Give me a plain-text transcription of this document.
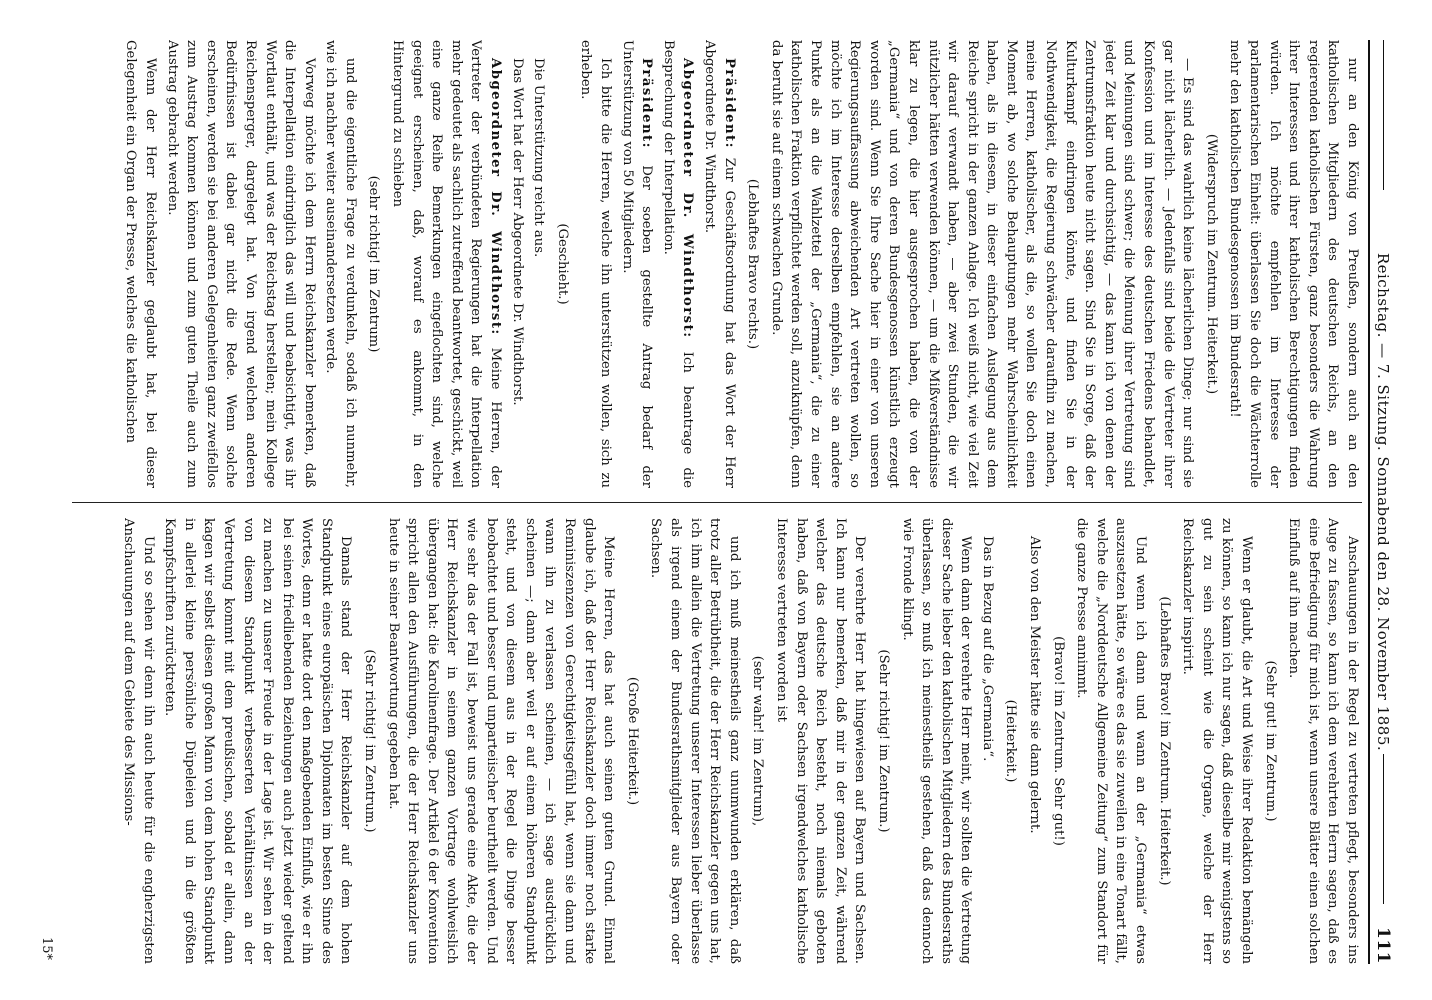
Reichstag. — 7. Sitzung. Sonnabend den 28. November 1885.
111

nur an den König von Preußen, sondern auch an den katholischen Mitgliedern des deutschen Reichs, an den regierenden katholischen Fürsten, ganz besonders die Wahrung ihrer Interessen und ihrer katholischen Berechtigungen finden würden. Ich möchte empfehlen im Interesse der parlamentarischen Einheit: überlassen Sie doch die Wächterrolle mehr den katholischen Bundesgenossen im Bundesrath!

(Widerspruch im Zentrum. Heiterkeit.)

— Es sind das wahrlich keine lächerlichen Dinge; nur sind sie gar nicht lächerlich. — Jedenfalls sind beide die Vertreter ihrer Konfession und im Interesse des deutschen Friedens behandlet, und Meinungen sind schwer; die Meinung ihrer Vertretung sind jeder Zeit klar und durchsichtig, — das kann ich von denen der Zentrumsfraktion heute nicht sagen. Sind Sie in Sorge, daß der Kulturkampf eindringen könnte, und finden Sie in der Nothwendigkeit, die Regierung schwächer daraufhin zu machen, meine Herren, katholischer, als die, so wollen Sie doch einen Moment ab, wo solche Behauptungen mehr Wahrscheinlichkeit haben, als in diesem, in dieser einfachen Auslegung aus dem Reiche spricht in der ganzen Anlage. Ich weiß nicht, wie viel Zeit wir darauf verwandt haben, — aber zwei Stunden, die wir nützlicher hätten verwenden können, — um die Mißverständnisse klar zu legen, die hier ausgesprochen haben, die von der „Germania“ und von deren Bundesgenossen künstlich erzeugt worden sind. Wenn Sie Ihre Sache hier in einer von unseren Regierungsauffassung abweichenden Art vertreten wollen, so möchte ich im Interesse derselben empfehlen, sie an andere Punkte als an die Wahlzettel der „Germania“, die zu einer katholischen Fraktion verpflichtet werden soll, anzuknüpfen, denn da beruht sie auf einem schwachen Grunde.

(Lebhaftes Bravo rechts.)

Präsident: Zur Geschäftsordnung hat das Wort der Herr Abgeordnete Dr. Windthorst.

Abgeordneter Dr. Windthorst: Ich beantrage die Besprechung der Interpellation.

Präsident: Der soeben gestellte Antrag bedarf der Unterstützung von 50 Mitgliedern.

Ich bitte die Herren, welche ihn unterstützen wollen, sich zu erheben.

(Geschieht.)

Die Unterstützung reicht aus.

Das Wort hat der Herr Abgeordnete Dr. Windthorst.

Abgeordneter Dr. Windthorst: Meine Herren, der Vertreter der verbündeten Regierungen hat die Interpellation mehr gedeutet als sachlich zutreffend beantwortet, geschickt, weil eine ganze Reihe Bemerkungen eingeflochten sind, welche geeignet erscheinen, daß, worauf es ankommt, in den Hintergrund zu schieben

(sehr richtig! im Zentrum)

und die eigentliche Frage zu verdunkeln, sodaß ich nunmehr, wie ich nachher weiter auseinandersetzen werde.

Vorweg möchte ich dem Herrn Reichskanzler bemerken, daß die Interpellation eindringlich das will und beabsichtigt, was ihr Wortlaut enthält, und was der Reichstag herstellen; mein Kollege Reichensperger, dargelegt hat. Von irgend welchen anderen Bedürfnissen ist dabei gar nicht die Rede. Wenn solche erscheinen, werden sie bei anderen Gelegenheiten ganz zweifellos zum Austrag kommen können und zum guten Theile auch zum Austrag gebracht werden.

Wenn der Herr Reichskanzler geglaubt hat, bei dieser Gelegenheit ein Organ der Presse, welches die katholischen

Anschauungen in der Regel zu vertreten pflegt, besonders ins Auge zu fassen, so kann ich dem verehrten Herrn sagen, daß es eine Befriedigung für mich ist, wenn unsere Blätter einen solchen Einfluß auf ihn machen.

(Sehr gut! im Zentrum.)

Wenn er glaubt, die Art und Weise ihrer Redaktion bemängeln zu können, so kann ich nur sagen, daß dieselbe mir wenigstens so gut zu sein scheint wie die Organe, welche der Herr Reichskanzler inspirirt.

(Lebhaftes Bravo! im Zentrum. Heiterkeit.)

Und wenn ich dann und wann an der „Germania“ etwas auszusetzen hätte, so wäre es das sie zuweilen in eine Tonart fällt, welche die „Norddeutsche Allgemeine Zeitung“ zum Standort für die ganze Presse annimmt.

(Bravo! im Zentrum. Sehr gut!)

Also von den Meister hätte sie dann gelernt.

(Heiterkeit.)

Das in Bezug auf die „Germania“.

Wenn dann der verehrte Herr meint, wir sollten die Vertretung dieser Sache lieber den katholischen Mitgliedern des Bundesraths überlassen, so muß ich meinestheils gestehen, daß das dennoch wie Fronde klingt.

(Sehr richtig! im Zentrum.)

Der verehrte Herr hat hingewiesen auf Bayern und Sachsen. Ich kann nur bemerken, daß mir in der ganzen Zeit, während welcher das deutsche Reich besteht, noch niemals geboten haben, daß von Bayern oder Sachsen irgendwelches katholische Interesse vertreten worden ist

(sehr wahr! im Zentrum),

und ich muß meinestheils ganz unumwunden erklären, daß trotz aller Betrübtheit, die der Herr Reichskanzler gegen uns hat, ich ihm allein die Vertretung unserer Interessen lieber überlasse als irgend einem der Bundesrathsmitglieder aus Bayern oder Sachsen.

(Große Heiterkeit.)

Meine Herren, das hat auch seinen guten Grund. Einmal glaube ich, daß der Herr Reichskanzler doch immer noch starke Reminiszenzen von Gerechtigkeitsgefühl hat, wenn sie dann und wann ihn zu verlassen scheinen, — ich sage ausdrücklich scheinen —; dann aber weil er auf einem höheren Standpunkt steht, und von diesem aus in der Regel die Dinge besser beobachtet und besser und unparteiischer beurtheilt werden. Und wie sehr das der Fall ist, beweist uns gerade eine Akte, die der Herr Reichskanzler in seinem ganzen Vortrage wohlweislich übergangen hat: die Karolinenfrage. Der Artikel 6 der Konvention spricht allen den Ausführungen, die der Herr Reichskanzler uns heute in seiner Beantwortung gegeben hat.

(Sehr richtig! im Zentrum.)

Damals stand der Herr Reichskanzler auf dem hohen Standpunkt eines europäischen Diplomaten im besten Sinne des Wortes, denn er hatte dort den maßgebenden Einfluß, wie er ihn bei seinen friedliebenden Beziehungen auch jetzt wieder geltend zu machen zu unserer Freude in der Lage ist. Wir sehen in der von diesem Standpunkt verbesserten Verhältnissen an der Vertretung kommt mit dem preußischen, sobald er allein, dann kagen wir selbst diesen großen Mann von dem hohen Standpunkt in allerlei kleine persönliche Düpeleien und in die größten Kampfschriften zurücktreten.

Und so sehen wir denn ihn auch heute für die engherzigsten Anschauungen auf dem Gebiete des Missions-

15*
